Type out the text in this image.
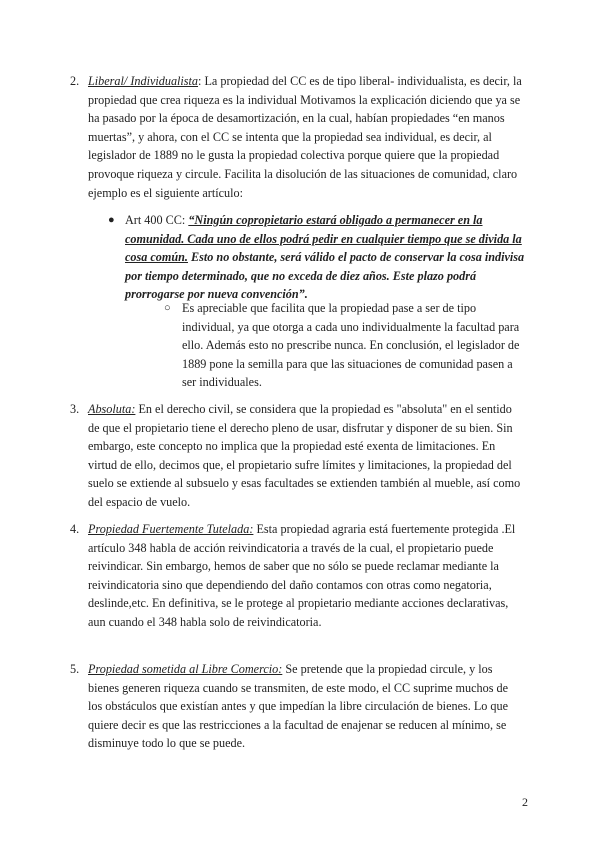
2. Liberal/ Individualista: La propiedad del CC es de tipo liberal- individualista, es decir, la propiedad que crea riqueza es la individual Motivamos la explicación diciendo que ya se ha pasado por la época de desamortización, en la cual, habían propiedades “en manos muertas”, y ahora, con el CC se intenta que la propiedad sea individual, es decir, al legislador de 1889 no le gusta la propiedad colectiva porque quiere que la propiedad provoque riqueza y circule. Facilita la disolución de las situaciones de comunidad, claro ejemplo es el siguiente artículo:
● Art 400 CC: “Ningún copropietario estará obligado a permanecer en la comunidad. Cada uno de ellos podrá pedir en cualquier tiempo que se divida la cosa común. Esto no obstante, será válido el pacto de conservar la cosa indivisa por tiempo determinado, que no exceda de diez años. Este plazo podrá prorrogarse por nueva convención”.
○ Es apreciable que facilita que la propiedad pase a ser de tipo individual, ya que otorga a cada uno individualmente la facultad para ello. Además esto no prescribe nunca. En conclusión, el legislador de 1889 pone la semilla para que las situaciones de comunidad pasen a ser individuales.
3. Absoluta: En el derecho civil, se considera que la propiedad es "absoluta" en el sentido de que el propietario tiene el derecho pleno de usar, disfrutar y disponer de su bien. Sin embargo, este concepto no implica que la propiedad esté exenta de limitaciones. En virtud de ello, decimos que, el propietario sufre límites y limitaciones, la propiedad del suelo se extiende al subsuelo y esas facultades se extienden también al mueble, así como del espacio de vuelo.
4. Propiedad Fuertemente Tutelada: Esta propiedad agraria está fuertemente protegida .El artículo 348 habla de acción reivindicatoria a través de la cual, el propietario puede reivindicar. Sin embargo, hemos de saber que no sólo se puede reclamar mediante la reivindicatoria sino que dependiendo del daño contamos con otras como negatoria, deslinde,etc. En definitiva, se le protege al propietario mediante acciones declarativas, aun cuando el 348 habla solo de reivindicatoria.
5. Propiedad sometida al Libre Comercio: Se pretende que la propiedad circule, y los bienes generen riqueza cuando se transmiten, de este modo, el CC suprime muchos de los obstáculos que existían antes y que impedían la libre circulación de bienes. Lo que quiere decir es que las restricciones a la facultad de enajenar se reducen al mínimo, se disminuye todo lo que se puede.
2
